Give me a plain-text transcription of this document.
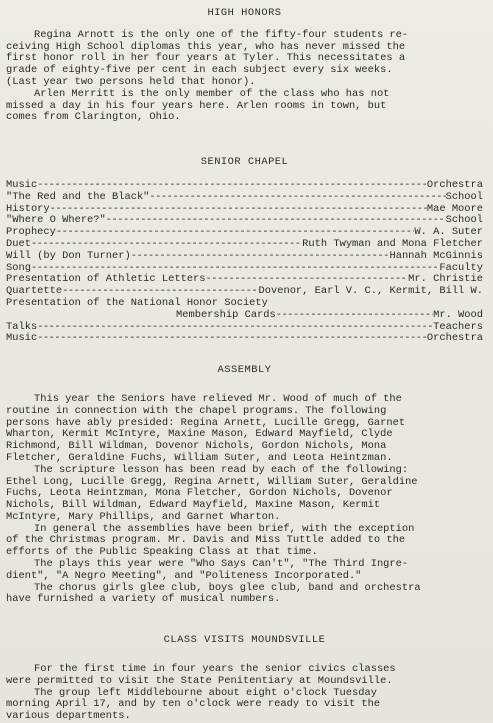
HIGH HONORS
Regina Arnott is the only one of the fifty-four students re-
ceiving High School diplomas this year, who has never missed the
first honor roll in her four years at Tyler. This necessitates a
grade of eighty-five per cent in each subject every six weeks.
(Last year two persons held that honor).
Arlen Merritt is the only member of the class who has not
missed a day in his four years here. Arlen rooms in town, but
comes from Clarington, Ohio.
SENIOR CHAPEL
Music -----	Orchestra
"The Red and the Black" -----	School
History -----	Mae Moore
"Where O Where?" -----	School
Prophecy -----	W. A. Suter
Duet -----	Ruth Twyman and Mona Fletcher
Will (by Don Turner) -----	Hannah McGinnis
Song -----	Faculty
Presentation of Athletic Letters -----	Mr. Christie
Quartette -----	Dovenor, Earl V. C., Kermit, Bill W.
Presentation of the National Honor Society
Membership Cards -----	Mr. Wood
Talks -----	Teachers
Music -----	Orchestra
ASSEMBLY
This year the Seniors have relieved Mr. Wood of much of the
routine in connection with the chapel programs. The following
persons have ably presided: Regina Arnett, Lucille Gregg, Garnet
Wharton, Kermit McIntyre, Maxine Mason, Edward Mayfield, Clyde
Richmond, Bill Wildman, Dovenor Nichols, Gordon Nichols, Mona
Fletcher, Geraldine Fuchs, William Suter, and Leota Heintzman.
The scripture lesson has been read by each of the following:
Ethel Long, Lucille Gregg, Regina Arnett, William Suter, Geraldine
Fuchs, Leota Heintzman, Mona Fletcher, Gordon Nichols, Dovenor
Nichols, Bill Wildman, Edward Mayfield, Maxine Mason, Kermit
McIntyre, Mary Phillips, and Garnet Wharton.
In general the assemblies have been brief, with the exception
of the Christmas program. Mr. Davis and Miss Tuttle added to the
efforts of the Public Speaking Class at that time.
The plays this year were "Who Says Can't", "The Third Ingre-
dient", "A Negro Meeting", and "Politeness Incorporated."
The chorus girls glee club, boys glee club, band and orchestra
have furnished a variety of musical numbers.
CLASS VISITS MOUNDSVILLE
For the first time in four years the senior civics classes
were permitted to visit the State Penitentiary at Moundsville.
The group left Middlebourne about eight o'clock Tuesday
morning April 17, and by ten o'clock were ready to visit the
various departments.
